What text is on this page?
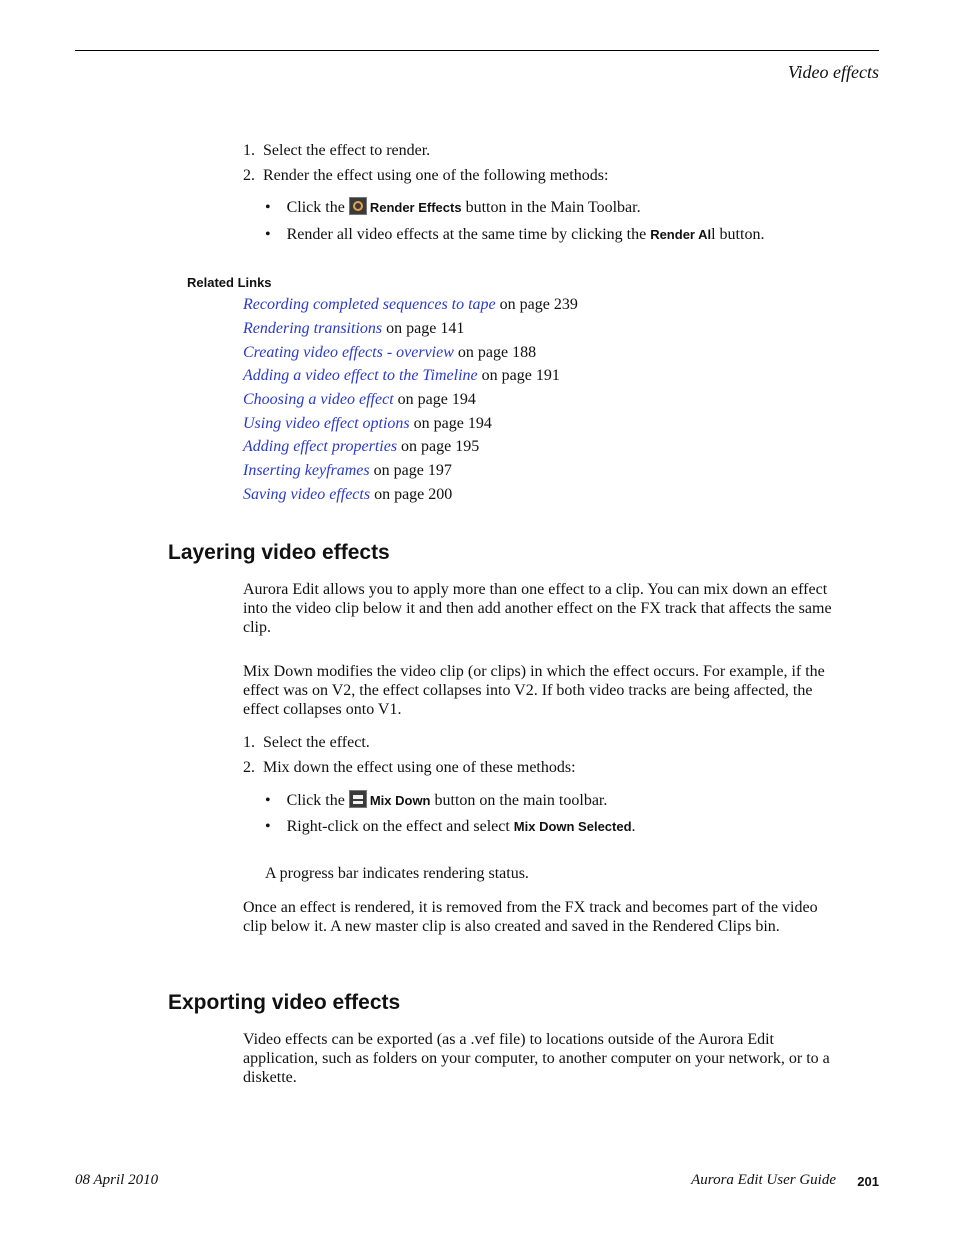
Video effects
1. Select the effect to render.
2. Render the effect using one of the following methods:
• Click the Render Effects button in the Main Toolbar.
• Render all video effects at the same time by clicking the Render All button.
Related Links
Recording completed sequences to tape on page 239
Rendering transitions on page 141
Creating video effects - overview on page 188
Adding a video effect to the Timeline on page 191
Choosing a video effect on page 194
Using video effect options on page 194
Adding effect properties on page 195
Inserting keyframes on page 197
Saving video effects on page 200
Layering video effects
Aurora Edit allows you to apply more than one effect to a clip. You can mix down an effect into the video clip below it and then add another effect on the FX track that affects the same clip.
Mix Down modifies the video clip (or clips) in which the effect occurs. For example, if the effect was on V2, the effect collapses into V2. If both video tracks are being affected, the effect collapses onto V1.
1. Select the effect.
2. Mix down the effect using one of these methods:
• Click the Mix Down button on the main toolbar.
• Right-click on the effect and select Mix Down Selected.
A progress bar indicates rendering status.
Once an effect is rendered, it is removed from the FX track and becomes part of the video clip below it. A new master clip is also created and saved in the Rendered Clips bin.
Exporting video effects
Video effects can be exported (as a .vef file) to locations outside of the Aurora Edit application, such as folders on your computer, to another computer on your network, or to a diskette.
08 April 2010	Aurora Edit User Guide 201
